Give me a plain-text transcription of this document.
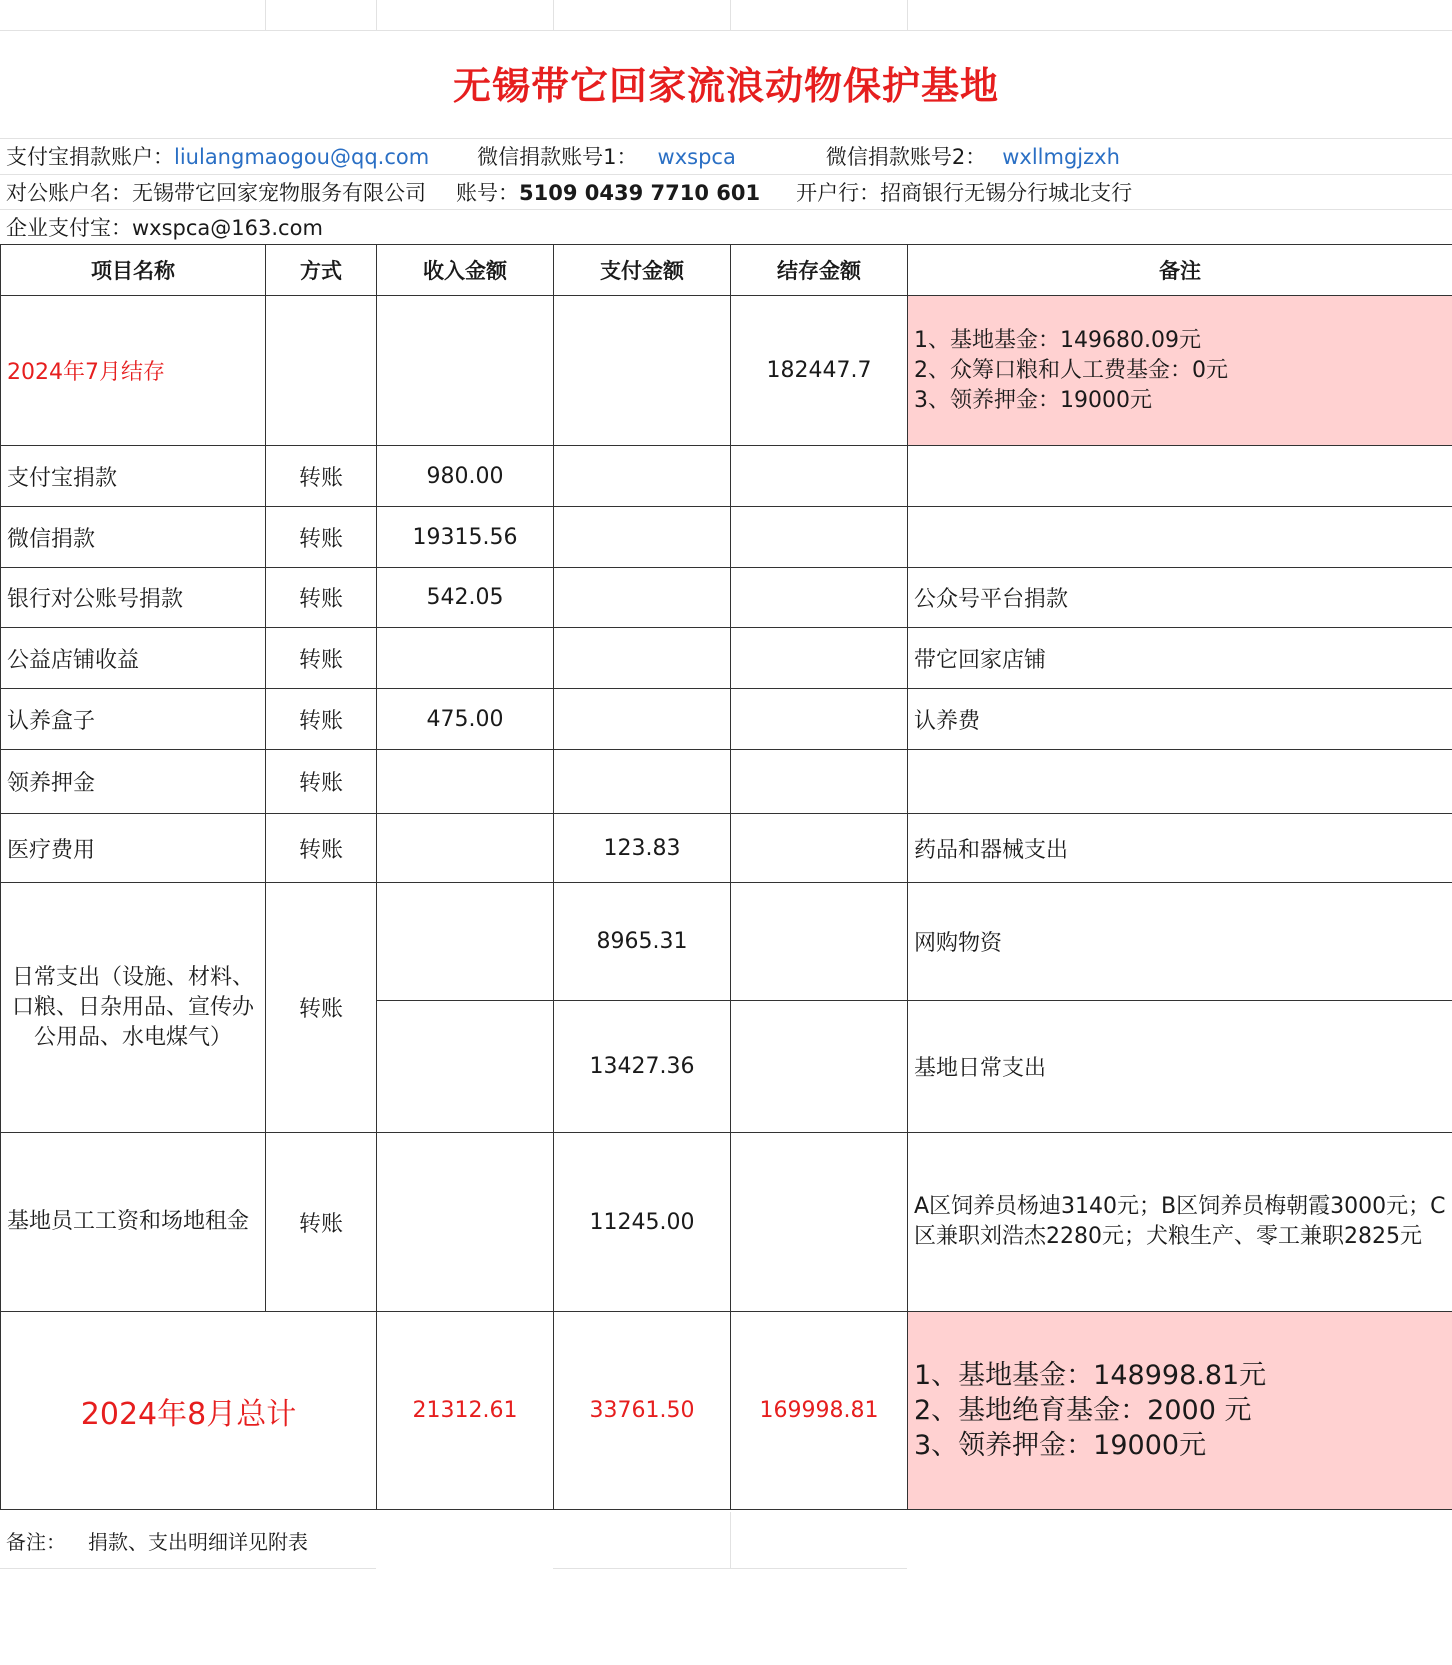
无锡带它回家流浪动物保护基地
支付宝捐款账户：liulangmaogou@qq.com 微信捐款账号1： wxspca	微信捐款账号2： wxllmgjzxh
对公账户名：无锡带它回家宠物服务有限公司 账号：5109 0439 7710 601 开户行：招商银行无锡分行城北支行
企业支付宝：wxspca@163.com
项目名称	方式	收入金额	支付金额	结存金额	备注
2024年7月结存				182447.7	1、基地基金：149680.09元
2、众筹口粮和人工费基金：0元
3、领养押金：19000元

支付宝捐款	转账	980.00			
微信捐款	转账	19315.56			
银行对公账号捐款	转账	542.05			公众号平台捐款
公益店铺收益	转账				带它回家店铺
认养盒子	转账	475.00			认养费
领养押金	转账				
医疗费用	转账		123.83		药品和器械支出
日常支出（设施、材料、口粮、日杂用品、宣传办公用品、水电煤气）	转账		8965.31		网购物资
			13427.36		基地日常支出
基地员工工资和场地租金	转账		11245.00		A区饲养员杨迪3140元；B区饲养员梅朝霞3000元；C区兼职刘浩杰2280元；犬粮生产、零工兼职2825元
2024年8月总计		21312.61	33761.50	169998.81	1、基地基金：148998.81元
2、基地绝育基金：2000 元
3、领养押金：19000元
备注： 捐款、支出明细详见附表
